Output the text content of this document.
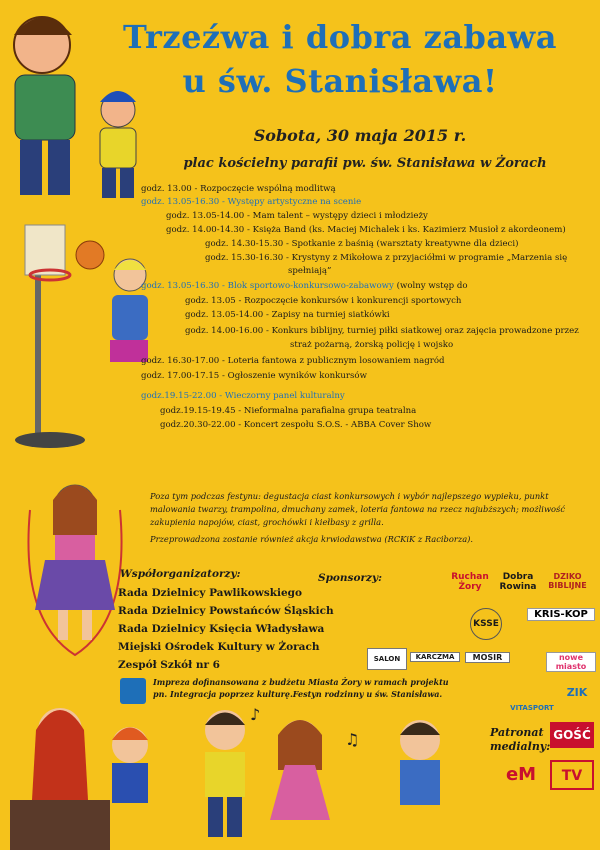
♪
♫
Trzeźwa i dobra zabawa
u św. Stanisława!
Sobota, 30 maja 2015 r.
plac kościelny parafii pw. św. Stanisława w Żorach
godz. 13.00 - Rozpoczęcie wspólną modlitwą
godz. 13.05-16.30 - Występy artystyczne na scenie
godz. 13.05-14.00 - Mam talent – występy dzieci i młodzieży
godz. 14.00-14.30 - Księża Band (ks. Maciej Michalek i ks. Kazimierz Musioł z akordeonem)
godz. 14.30-15.30 - Spotkanie z baśnią (warsztaty kreatywne dla dzieci)
godz. 15.30-16.30 - Krystyny z Mikołowa z przyjaciółmi w programie „Marzenia się
spełniają”
godz. 13.05-16.30 - Blok sportowo-konkursowo-zabawowy (wolny wstęp do
godz. 13.05 - Rozpoczęcie konkursów i konkurencji sportowych
godz. 13.05-14.00 - Zapisy na turniej siatkówki
godz. 14.00-16.00 - Konkurs biblijny, turniej piłki siatkowej oraz zajęcia prowadzone przez
straż pożarną, żorską policję i wojsko
godz. 16.30-17.00 - Loteria fantowa z publicznym losowaniem nagród
godz. 17.00-17.15 - Ogłoszenie wyników konkursów
godz.19.15-22.00 - Wieczorny panel kulturalny
godz.19.15-19.45 - Nieformalna parafialna grupa teatralna
godz.20.30-22.00 - Koncert zespołu S.O.S. - ABBA Cover Show
Poza tym podczas festynu: degustacja ciast konkursowych i wybór najlepszego wypieku, punkt malowania twarzy, trampolina, dmuchany zamek, loteria fantowa na rzecz najubższych; możliwość zakupienia napojów, ciast, grochówki i kiełbasy z grilla.
Przeprowadzona zostanie również akcja krwiodawstwa (RCKiK z Raciborza).
Współorganizatorzy:
Rada Dzielnicy Pawlikowskiego
Rada Dzielnicy Powstańców Śląskich
Rada Dzielnicy Księcia Władysława
Miejski Ośrodek Kultury w Żorach
Zespół Szkół nr 6
Impreza dofinansowana z budżetu Miasta Żory w ramach projektu
pn. Integracja poprzez kulturę.Festyn rodzinny u św. Stanisława.
Sponsorzy:	Ruchan Żory
Dobra Rowina
DZIKO BIBLIJNE
KRIS-KOP
KSSE
MOSIR
KARCZMA	nowe miasto
VITASPORT
ZIK
SALON
Patronat
medialny:
GOŚĆ
eM	TV
